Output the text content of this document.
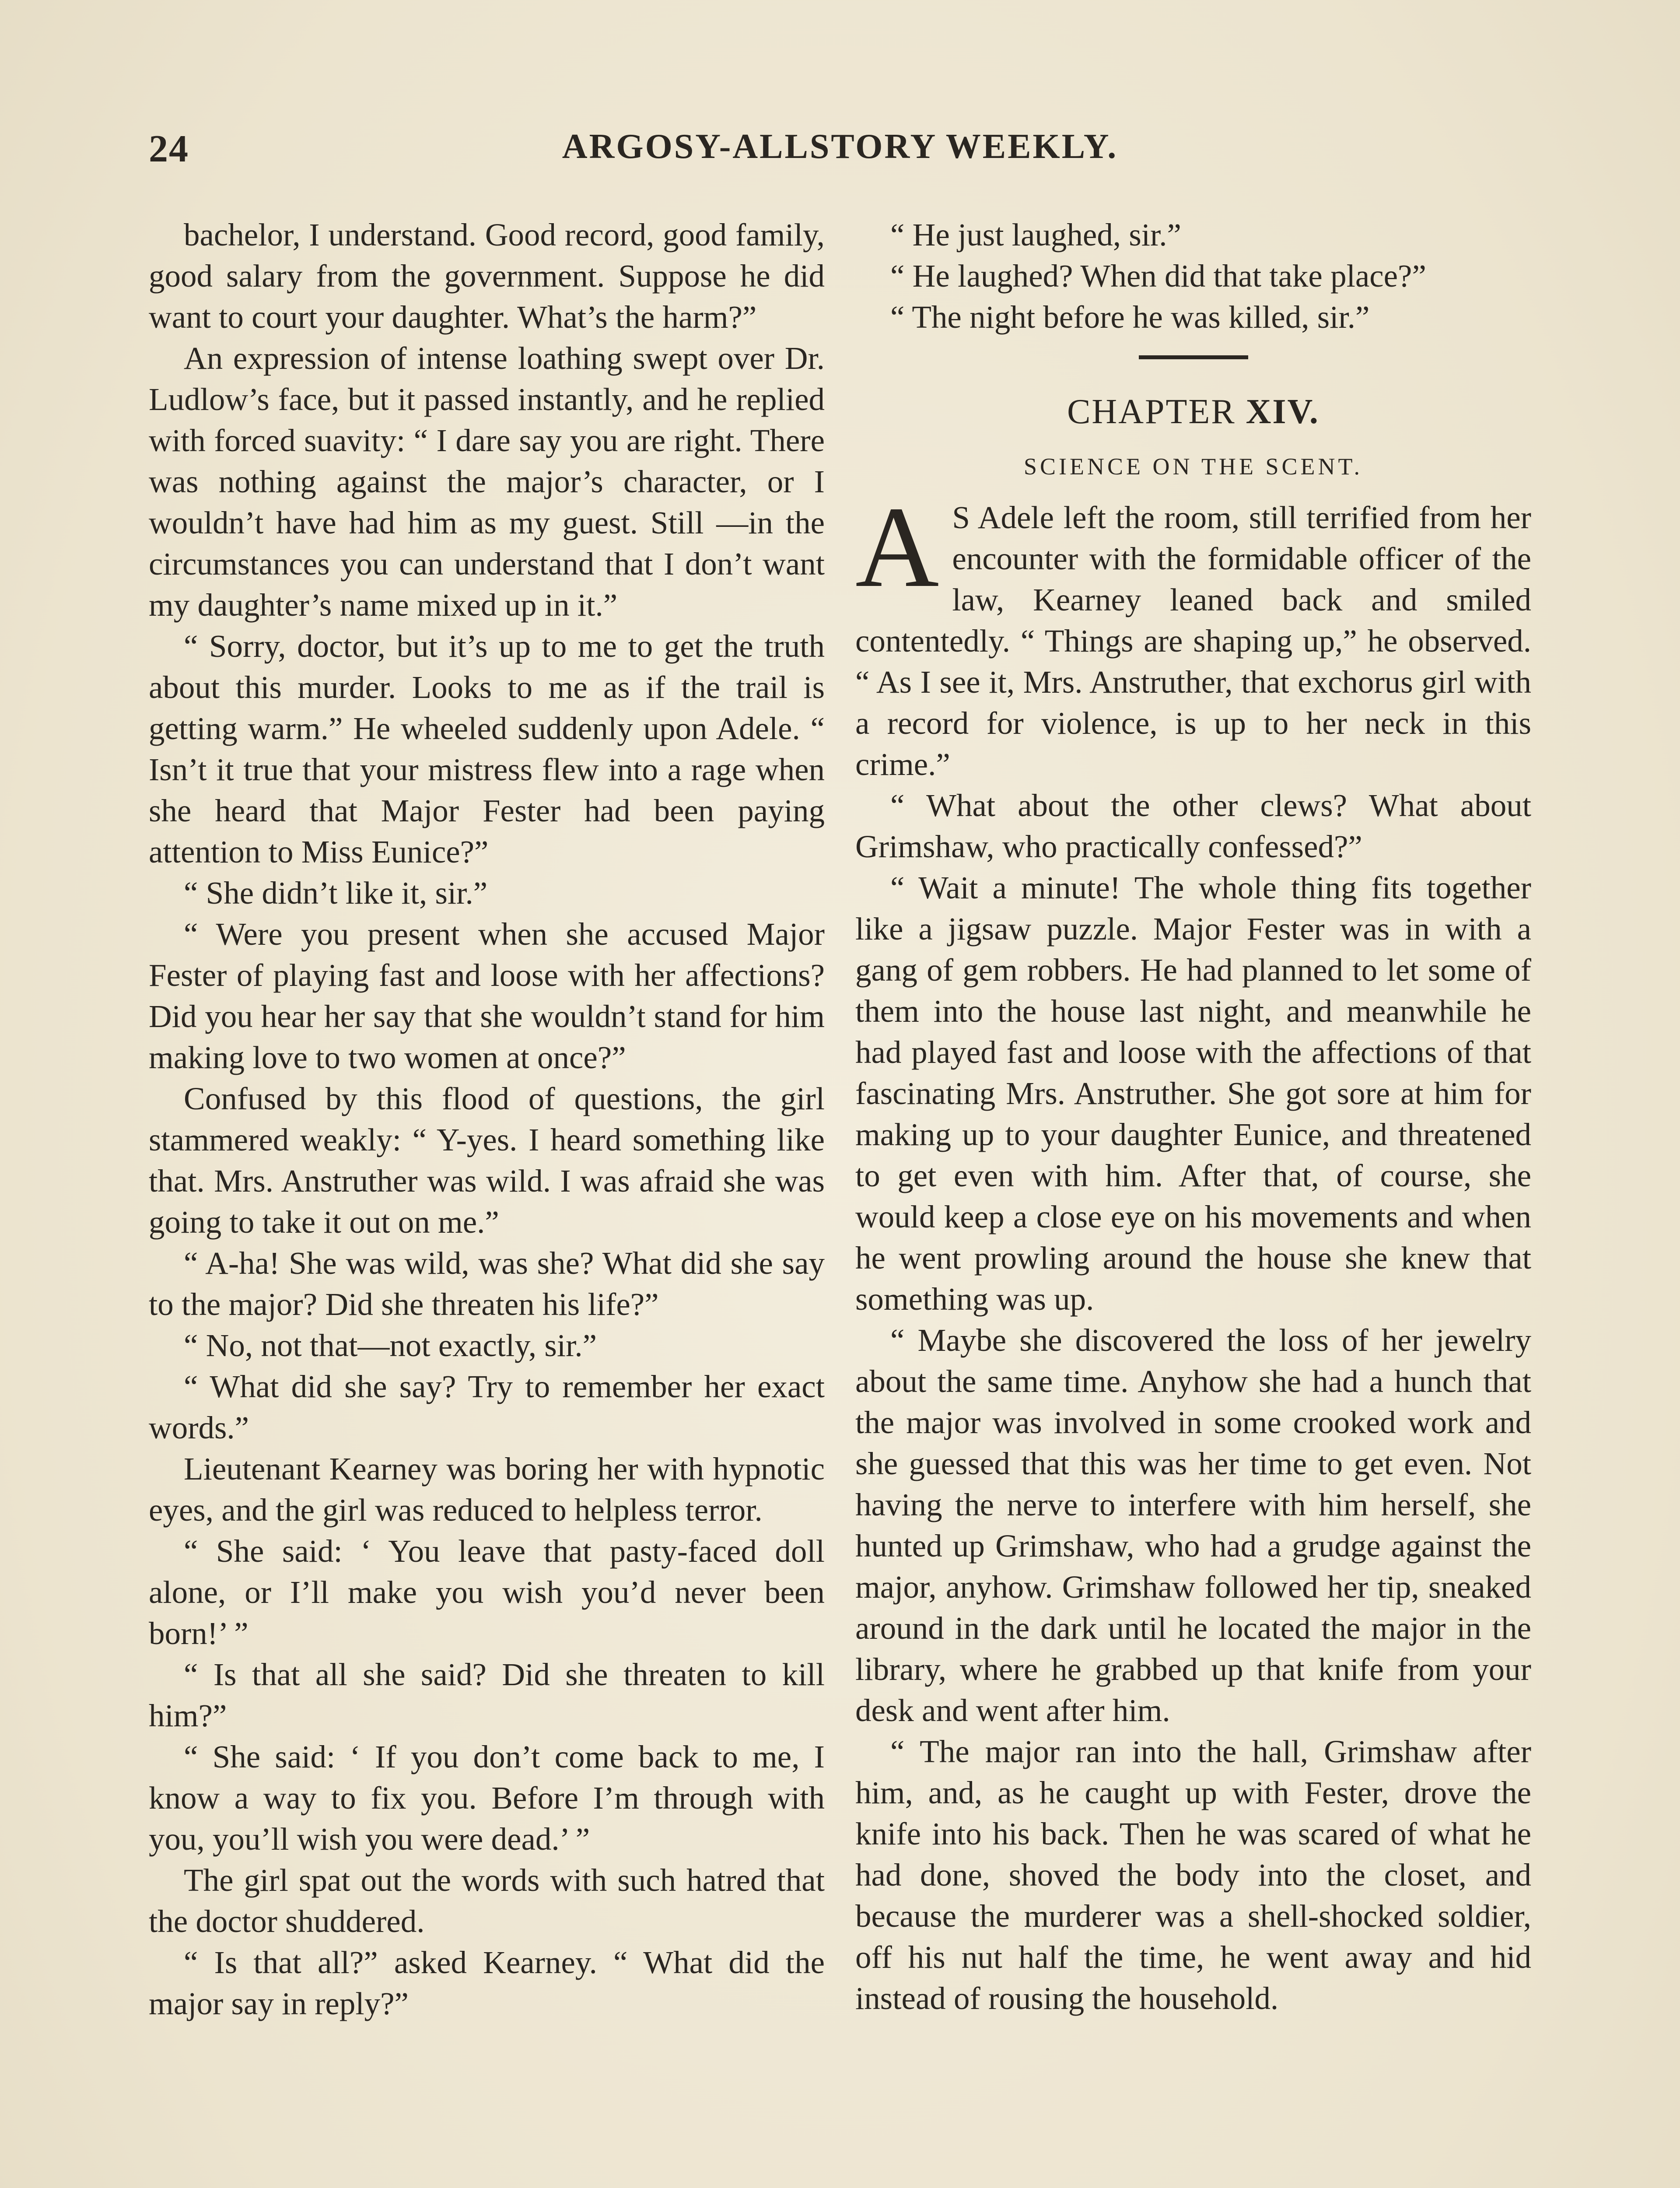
24	ARGOSY-ALLSTORY WEEKLY.

bachelor, I understand. Good record, good family, good salary from the government. Suppose he did want to court your daughter. What’s the harm?”

An expression of intense loathing swept over Dr. Ludlow’s face, but it passed instantly, and he replied with forced suavity: “ I dare say you are right. There was nothing against the major’s character, or I wouldn’t have had him as my guest. Still —in the circumstances you can understand that I don’t want my daughter’s name mixed up in it.”

“ Sorry, doctor, but it’s up to me to get the truth about this murder. Looks to me as if the trail is getting warm.” He wheeled suddenly upon Adele. “ Isn’t it true that your mistress flew into a rage when she heard that Major Fester had been paying attention to Miss Eunice?”

“ She didn’t like it, sir.”

“ Were you present when she accused Major Fester of playing fast and loose with her affections? Did you hear her say that she wouldn’t stand for him making love to two women at once?”

Confused by this flood of questions, the girl stammered weakly: “ Y-yes. I heard something like that. Mrs. Anstruther was wild. I was afraid she was going to take it out on me.”

“ A-ha! She was wild, was she? What did she say to the major? Did she threaten his life?”

“ No, not that—not exactly, sir.”

“ What did she say? Try to remember her exact words.”

Lieutenant Kearney was boring her with hypnotic eyes, and the girl was reduced to helpless terror.

“ She said: ‘ You leave that pasty-faced doll alone, or I’ll make you wish you’d never been born!’ ”

“ Is that all she said? Did she threaten to kill him?”

“ She said: ‘ If you don’t come back to me, I know a way to fix you. Before I’m through with you, you’ll wish you were dead.’ ”

The girl spat out the words with such hatred that the doctor shuddered.

“ Is that all?” asked Kearney. “ What did the major say in reply?”

“ He just laughed, sir.”

“ He laughed? When did that take place?”

“ The night before he was killed, sir.”

CHAPTER XIV.
SCIENCE ON THE SCENT.

A S Adele left the room, still terrified from her encounter with the formidable officer of the law, Kearney leaned back and smiled contentedly. “ Things are shaping up,” he observed. “ As I see it, Mrs. Anstruther, that exchorus girl with a record for violence, is up to her neck in this crime.”

“ What about the other clews? What about Grimshaw, who practically confessed?”

“ Wait a minute! The whole thing fits together like a jigsaw puzzle. Major Fester was in with a gang of gem robbers. He had planned to let some of them into the house last night, and meanwhile he had played fast and loose with the affections of that fascinating Mrs. Anstruther. She got sore at him for making up to your daughter Eunice, and threatened to get even with him. After that, of course, she would keep a close eye on his movements and when he went prowling around the house she knew that something was up.

“ Maybe she discovered the loss of her jewelry about the same time. Anyhow she had a hunch that the major was involved in some crooked work and she guessed that this was her time to get even. Not having the nerve to interfere with him herself, she hunted up Grimshaw, who had a grudge against the major, anyhow. Grimshaw followed her tip, sneaked around in the dark until he located the major in the library, where he grabbed up that knife from your desk and went after him.

“ The major ran into the hall, Grimshaw after him, and, as he caught up with Fester, drove the knife into his back. Then he was scared of what he had done, shoved the body into the closet, and because the murderer was a shell-shocked soldier, off his nut half the time, he went away and hid instead of rousing the household.
